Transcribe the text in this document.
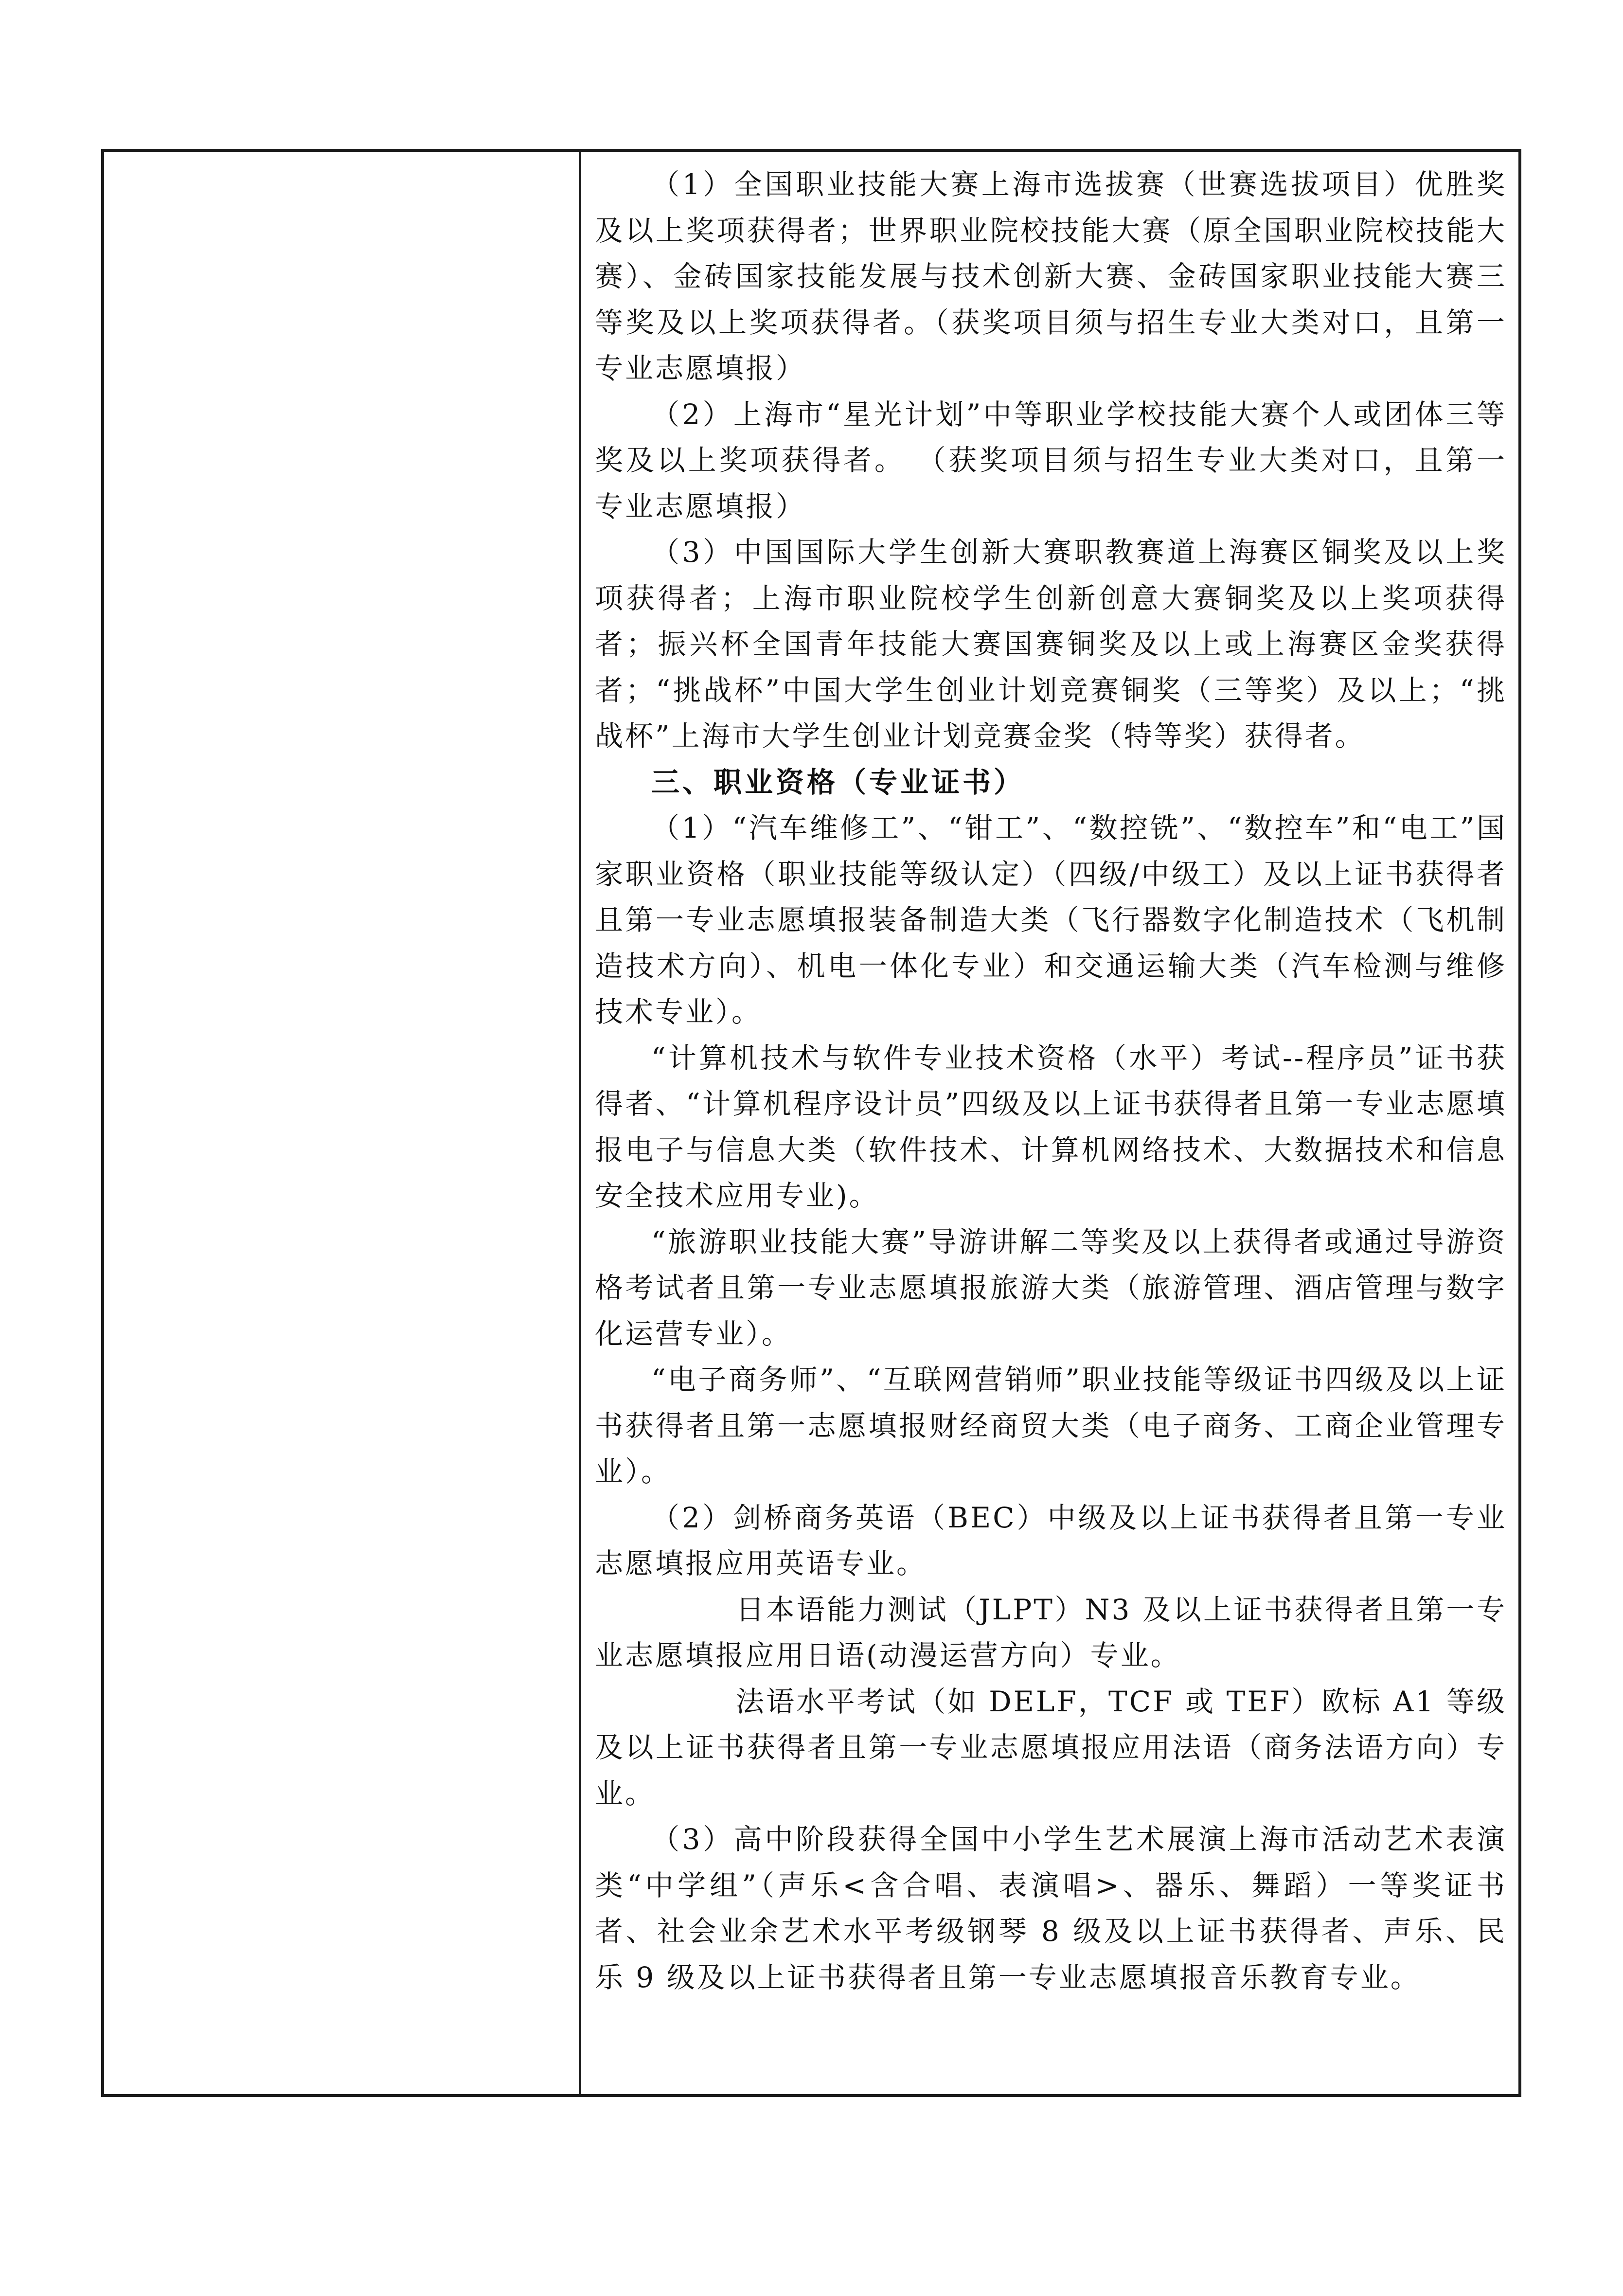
（1）全国职业技能大赛上海市选拔赛（世赛选拔项目）优胜奖及以上奖项获得者；世界职业院校技能大赛（原全国职业院校技能大赛）、金砖国家技能发展与技术创新大赛、金砖国家职业技能大赛三等奖及以上奖项获得者。（获奖项目须与招生专业大类对口，且第一专业志愿填报）

（2）上海市“星光计划”中等职业学校技能大赛个人或团体三等奖及以上奖项获得者。 （获奖项目须与招生专业大类对口，且第一专业志愿填报）

（3）中国国际大学生创新大赛职教赛道上海赛区铜奖及以上奖项获得者；上海市职业院校学生创新创意大赛铜奖及以上奖项获得者；振兴杯全国青年技能大赛国赛铜奖及以上或上海赛区金奖获得者；“挑战杯”中国大学生创业计划竞赛铜奖（三等奖）及以上；“挑战杯”上海市大学生创业计划竞赛金奖（特等奖）获得者。

三、职业资格（专业证书）

（1）“汽车维修工”、“钳工”、“数控铣”、“数控车”和“电工”国家职业资格（职业技能等级认定）（四级/中级工）及以上证书获得者且第一专业志愿填报装备制造大类（飞行器数字化制造技术（飞机制造技术方向）、机电一体化专业）和交通运输大类（汽车检测与维修技术专业）。

“计算机技术与软件专业技术资格（水平）考试--程序员”证书获得者、“计算机程序设计员”四级及以上证书获得者且第一专业志愿填报电子与信息大类（软件技术、计算机网络技术、大数据技术和信息安全技术应用专业)。

“旅游职业技能大赛”导游讲解二等奖及以上获得者或通过导游资格考试者且第一专业志愿填报旅游大类（旅游管理、酒店管理与数字化运营专业）。

“电子商务师”、“互联网营销师”职业技能等级证书四级及以上证书获得者且第一志愿填报财经商贸大类（电子商务、工商企业管理专业）。

（2）剑桥商务英语（BEC）中级及以上证书获得者且第一专业志愿填报应用英语专业。

日本语能力测试（JLPT）N3 及以上证书获得者且第一专业志愿填报应用日语(动漫运营方向）专业。

法语水平考试（如 DELF，TCF 或 TEF）欧标 A1 等级及以上证书获得者且第一专业志愿填报应用法语（商务法语方向）专业。

（3）高中阶段获得全国中小学生艺术展演上海市活动艺术表演类“中学组”（声乐<含合唱、表演唱>、器乐、舞蹈）一等奖证书者、社会业余艺术水平考级钢琴 8 级及以上证书获得者、声乐、民乐 9 级及以上证书获得者且第一专业志愿填报音乐教育专业。
